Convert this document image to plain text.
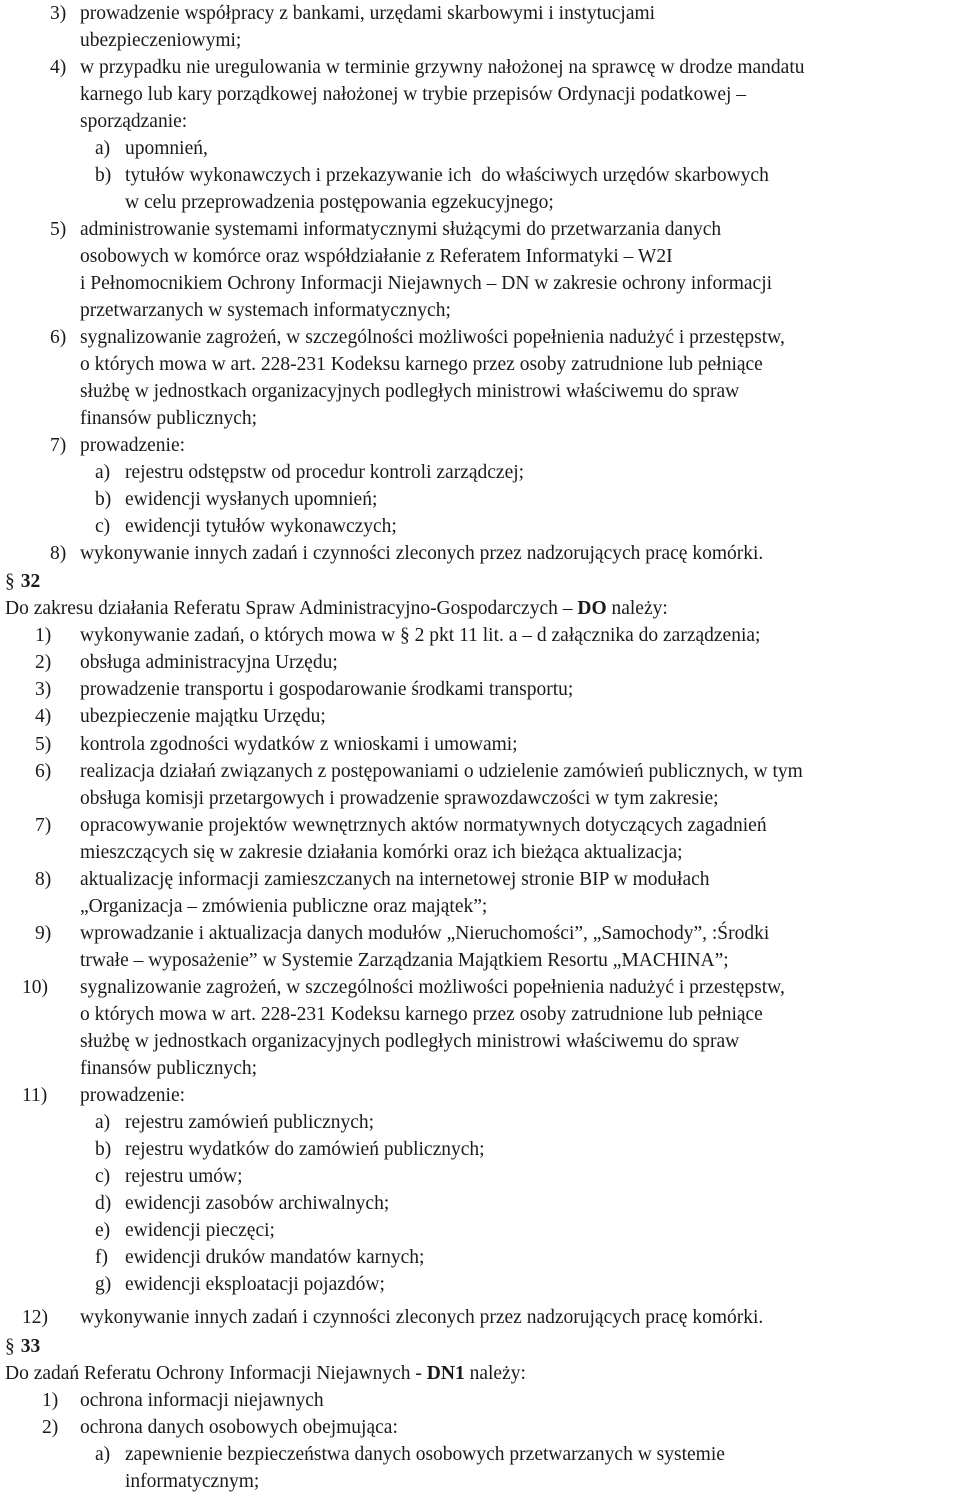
3) prowadzenie współpracy z bankami, urzędami skarbowymi i instytucjami
ubezpieczeniowymi;
4) w przypadku nie uregulowania w terminie grzywny nałożonej na sprawcę w drodze mandatu
karnego lub kary porządkowej nałożonej w trybie przepisów Ordynacji podatkowej ‒
sporządzanie:
a) upomnień,
b) tytułów wykonawczych i przekazywanie ich  do właściwych urzędów skarbowych
w celu przeprowadzenia postępowania egzekucyjnego;
5) administrowanie systemami informatycznymi służącymi do przetwarzania danych
osobowych w komórce oraz współdziałanie z Referatem Informatyki ‒ W2I
i Pełnomocnikiem Ochrony Informacji Niejawnych ‒ DN w zakresie ochrony informacji
przetwarzanych w systemach informatycznych;
6) sygnalizowanie zagrożeń, w szczególności możliwości popełnienia nadużyć i przestępstw,
o których mowa w art. 228-231 Kodeksu karnego przez osoby zatrudnione lub pełniące
służbę w jednostkach organizacyjnych podległych ministrowi właściwemu do spraw
finansów publicznych;
7) prowadzenie:
a) rejestru odstępstw od procedur kontroli zarządczej;
b) ewidencji wysłanych upomnień;
c) ewidencji tytułów wykonawczych;
8) wykonywanie innych zadań i czynności zleconych przez nadzorujących pracę komórki.
§ 32
Do zakresu działania Referatu Spraw Administracyjno-Gospodarczych ‒ DO należy:
1) wykonywanie zadań, o których mowa w § 2 pkt 11 lit. a ‒ d załącznika do zarządzenia;
2) obsługa administracyjna Urzędu;
3) prowadzenie transportu i gospodarowanie środkami transportu;
4) ubezpieczenie majątku Urzędu;
5) kontrola zgodności wydatków z wnioskami i umowami;
6) realizacja działań związanych z postępowaniami o udzielenie zamówień publicznych, w tym
obsługa komisji przetargowych i prowadzenie sprawozdawczości w tym zakresie;
7) opracowywanie projektów wewnętrznych aktów normatywnych dotyczących zagadnień
mieszczących się w zakresie działania komórki oraz ich bieżąca aktualizacja;
8) aktualizację informacji zamieszczanych na internetowej stronie BIP w modułach
„Organizacja ‒ zmówienia publiczne oraz majątek”;
9) wprowadzanie i aktualizacja danych modułów „Nieruchomości”, „Samochody”, :Środki
trwałe ‒ wyposażenie” w Systemie Zarządzania Majątkiem Resortu „MACHINA”;
10) sygnalizowanie zagrożeń, w szczególności możliwości popełnienia nadużyć i przestępstw,
o których mowa w art. 228-231 Kodeksu karnego przez osoby zatrudnione lub pełniące
służbę w jednostkach organizacyjnych podległych ministrowi właściwemu do spraw
finansów publicznych;
11) prowadzenie:
a) rejestru zamówień publicznych;
b) rejestru wydatków do zamówień publicznych;
c) rejestru umów;
d) ewidencji zasobów archiwalnych;
e) ewidencji pieczęci;
f) ewidencji druków mandatów karnych;
g) ewidencji eksploatacji pojazdów;
12) wykonywanie innych zadań i czynności zleconych przez nadzorujących pracę komórki.
§ 33
Do zadań Referatu Ochrony Informacji Niejawnych - DN1 należy:
1) ochrona informacji niejawnych
2) ochrona danych osobowych obejmująca:
a) zapewnienie bezpieczeństwa danych osobowych przetwarzanych w systemie
informatycznym;
